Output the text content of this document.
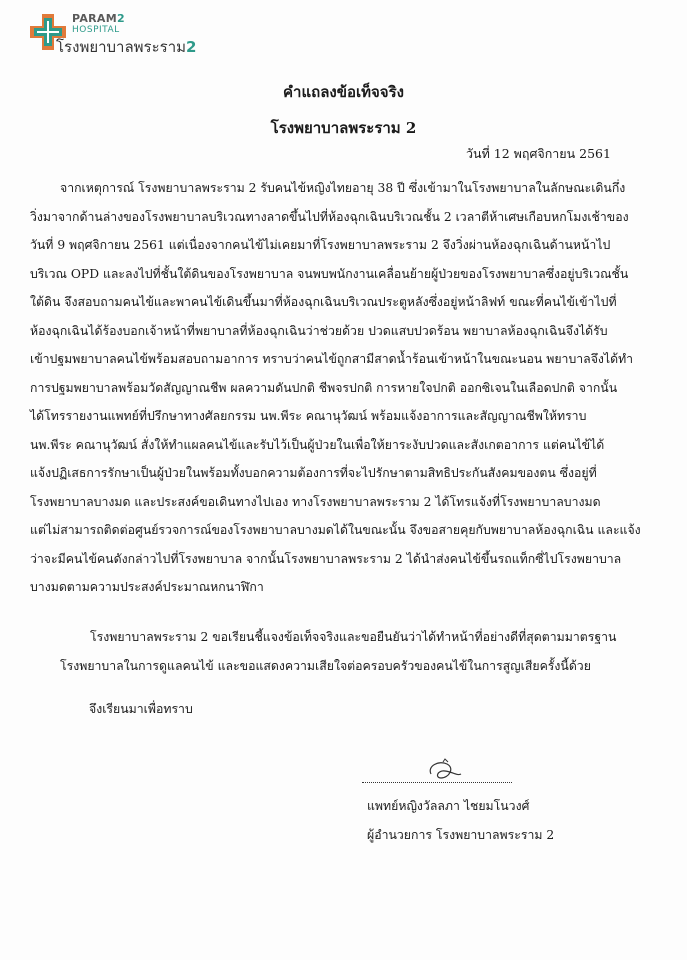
PARAM2
HOSPITAL
โรงพยาบาลพระราม2
คำแถลงข้อเท็จจริง
โรงพยาบาลพระราม 2
วันที่ 12 พฤศจิกายน 2561
จากเหตุการณ์ โรงพยาบาลพระราม 2 รับคนไข้หญิงไทยอายุ 38 ปี ซึ่งเข้ามาในโรงพยาบาลในลักษณะเดินกึ่ง
วิ่งมาจากด้านล่างของโรงพยาบาลบริเวณทางลาดขึ้นไปที่ห้องฉุกเฉินบริเวณชั้น 2 เวลาตีห้าเศษเกือบหกโมงเช้าของ
วันที่ 9 พฤศจิกายน 2561 แต่เนื่องจากคนไข้ไม่เคยมาที่โรงพยาบาลพระราม 2 จึงวิ่งผ่านห้องฉุกเฉินด้านหน้าไป
บริเวณ OPD และลงไปที่ชั้นใต้ดินของโรงพยาบาล จนพบพนักงานเคลื่อนย้ายผู้ป่วยของโรงพยาบาลซึ่งอยู่บริเวณชั้น
ใต้ดิน จึงสอบถามคนไข้และพาคนไข้เดินขึ้นมาที่ห้องฉุกเฉินบริเวณประตูหลังซึ่งอยู่หน้าลิฟท์ ขณะที่คนไข้เข้าไปที่
ห้องฉุกเฉินได้ร้องบอกเจ้าหน้าที่พยาบาลที่ห้องฉุกเฉินว่าช่วยด้วย ปวดแสบปวดร้อน พยาบาลห้องฉุกเฉินจึงได้รับ
เข้าปฐมพยาบาลคนไข้พร้อมสอบถามอาการ ทราบว่าคนไข้ถูกสามีสาดน้ำร้อนเข้าหน้าในขณะนอน พยาบาลจึงได้ทำ
การปฐมพยาบาลพร้อมวัดสัญญาณชีพ ผลความดันปกติ ชีพจรปกติ การหายใจปกติ ออกซิเจนในเลือดปกติ จากนั้น
ได้โทรรายงานแพทย์ที่ปรึกษาทางศัลยกรรม นพ.พีระ คณานุวัฒน์ พร้อมแจ้งอาการและสัญญาณชีพให้ทราบ
นพ.พีระ คณานุวัฒน์ สั่งให้ทำแผลคนไข้และรับไว้เป็นผู้ป่วยในเพื่อให้ยาระงับปวดและสังเกตอาการ แต่คนไข้ได้
แจ้งปฏิเสธการรักษาเป็นผู้ป่วยในพร้อมทั้งบอกความต้องการที่จะไปรักษาตามสิทธิประกันสังคมของตน ซึ่งอยู่ที่
โรงพยาบาลบางมด และประสงค์ขอเดินทางไปเอง ทางโรงพยาบาลพระราม 2 ได้โทรแจ้งที่โรงพยาบาลบางมด
แต่ไม่สามารถติดต่อศูนย์รวจการณ์ของโรงพยาบาลบางมดได้ในขณะนั้น จึงขอสายคุยกับพยาบาลห้องฉุกเฉิน และแจ้ง
ว่าจะมีคนไข้คนดังกล่าวไปที่โรงพยาบาล จากนั้นโรงพยาบาลพระราม 2 ได้นำส่งคนไข้ขึ้นรถแท็กซี่ไปโรงพยาบาล
บางมดตามความประสงค์ประมาณหกนาฬิกา
โรงพยาบาลพระราม 2 ขอเรียนชี้แจงข้อเท็จจริงและขอยืนยันว่าได้ทำหน้าที่อย่างดีที่สุดตามมาตรฐาน
โรงพยาบาลในการดูแลคนไข้ และขอแสดงความเสียใจต่อครอบครัวของคนไข้ในการสูญเสียครั้งนี้ด้วย
จึงเรียนมาเพื่อทราบ
แพทย์หญิงวัลลภา ไชยมโนวงศ์
ผู้อำนวยการ โรงพยาบาลพระราม 2
